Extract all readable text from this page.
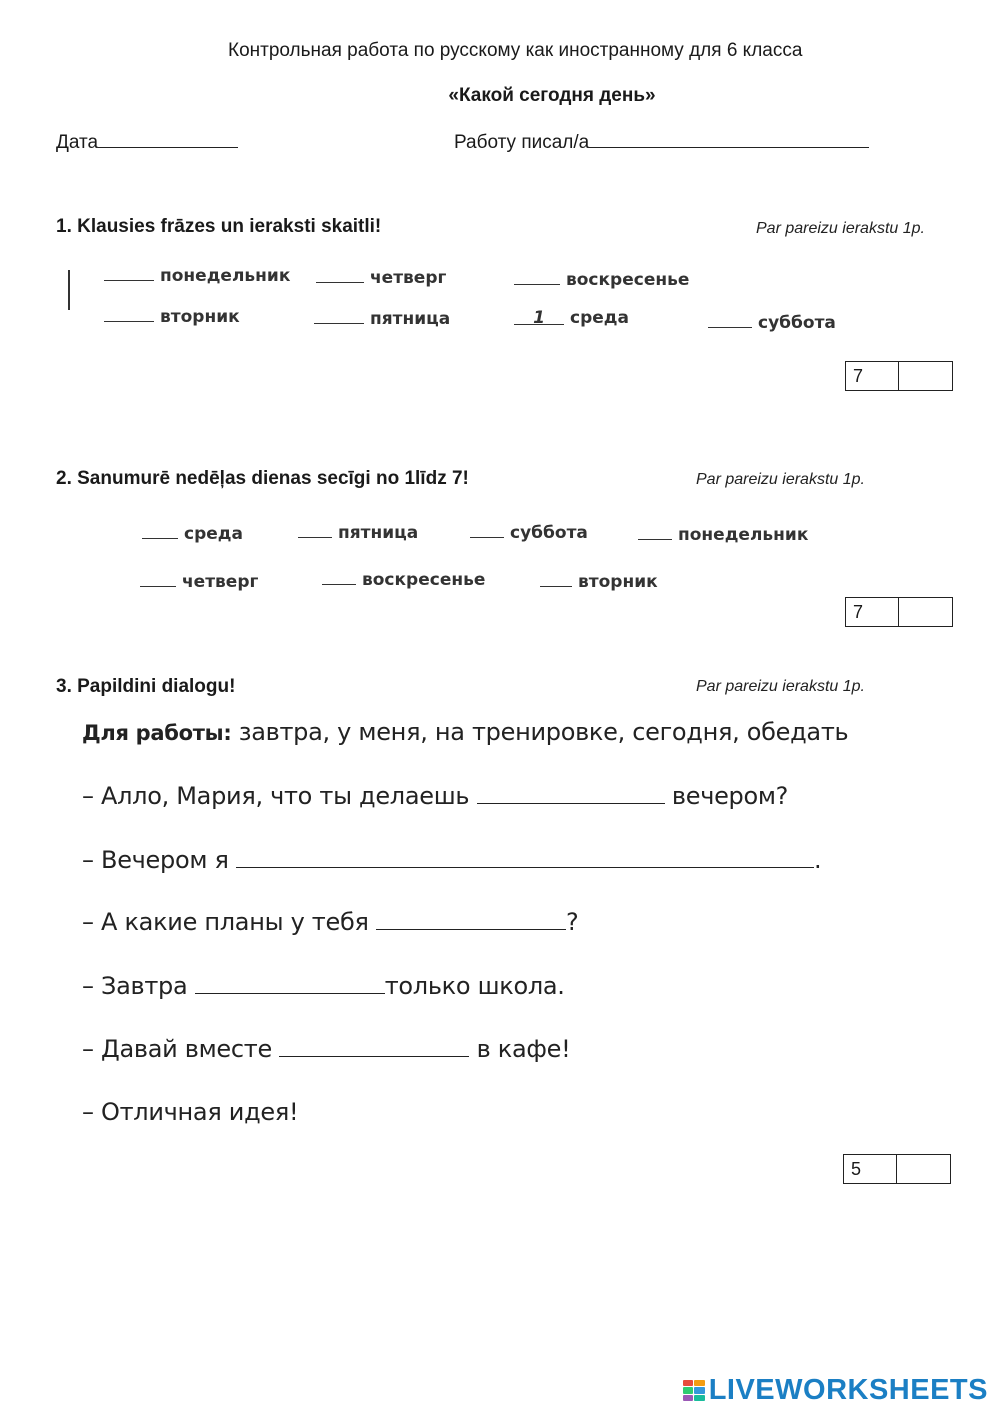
Контрольная работа по русскому как иностранному для 6 класса
«Какой сегодня день»
Дата	Работу писал/а
1. Klausies frāzes un ieraksti skaitli!	Par pareizu ierakstu 1p.
понедельник	четверг	воскресенье
вторник	пятница	1 среда	суббота
7
2. Sanumurē nedēļas dienas secīgi no 1līdz 7!	Par pareizu ierakstu 1p.
среда	пятница	суббота	понедельник
четверг	воскресенье	вторник
7
3. Papildini dialogu!	Par pareizu ierakstu 1p.
Для работы: завтра, у меня, на тренировке, сегодня, обедать
– Алло, Мария, что ты делаешь	вечером?
– Вечером я	.
– А какие планы у тебя	?
– Завтра	только школа.
– Давай вместе	в кафе!
– Отличная идея!
5
LIVEWORKSHEETS
